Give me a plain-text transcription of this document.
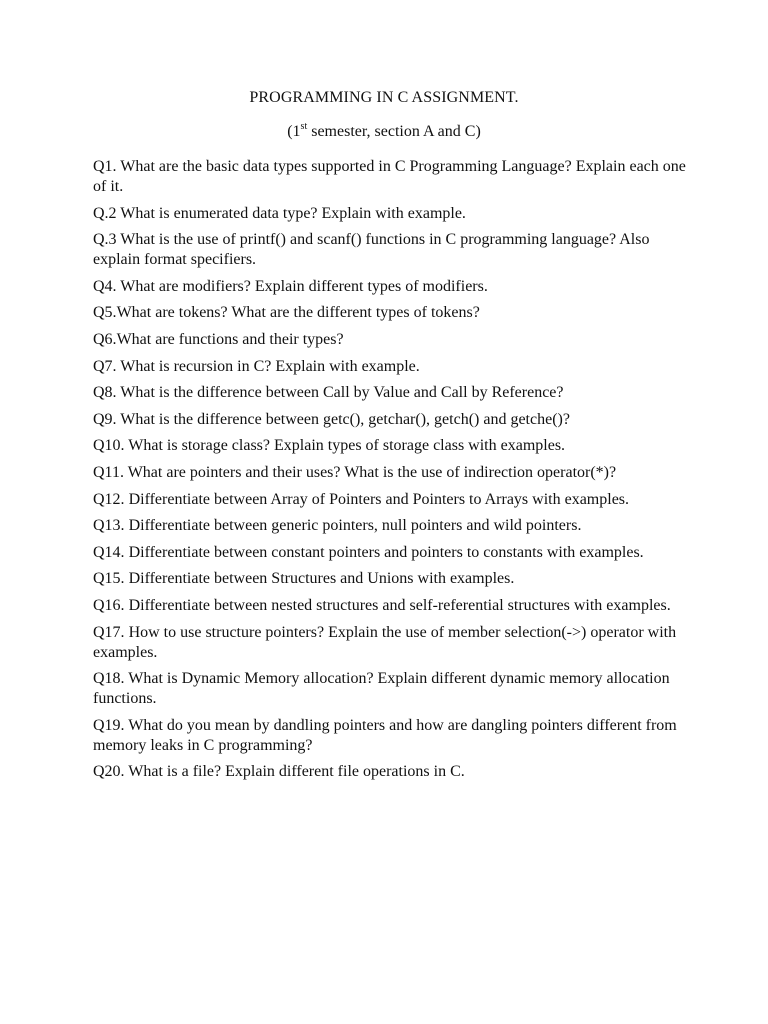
PROGRAMMING IN C ASSIGNMENT.
(1st semester, section A and C)
Q1. What are the basic data types supported in C Programming Language? Explain each one of it.
Q.2 What is enumerated data type? Explain with example.
Q.3 What is the use of printf() and scanf() functions in C programming language? Also explain format specifiers.
Q4. What are modifiers? Explain different types of modifiers.
Q5.What are tokens? What are the different types of tokens?
Q6.What are functions and their types?
Q7. What is recursion in C? Explain with example.
Q8. What is the difference between Call by Value and Call by Reference?
Q9. What is the difference between getc(), getchar(), getch() and getche()?
Q10. What is storage class? Explain types of storage class with examples.
Q11. What are pointers and their uses? What is the use of indirection operator(*)?
Q12. Differentiate between Array of Pointers and Pointers to Arrays with examples.
Q13. Differentiate between generic pointers, null pointers and wild pointers.
Q14. Differentiate between constant pointers and pointers to constants with examples.
Q15. Differentiate between Structures and Unions with examples.
Q16. Differentiate between nested structures and self-referential structures with examples.
Q17. How to use structure pointers? Explain the use of member selection(->) operator with examples.
Q18. What is Dynamic Memory allocation? Explain different dynamic memory allocation functions.
Q19. What do you mean by dandling pointers and how are dangling pointers different from memory leaks in C programming?
Q20. What is a file? Explain different file operations in C.
